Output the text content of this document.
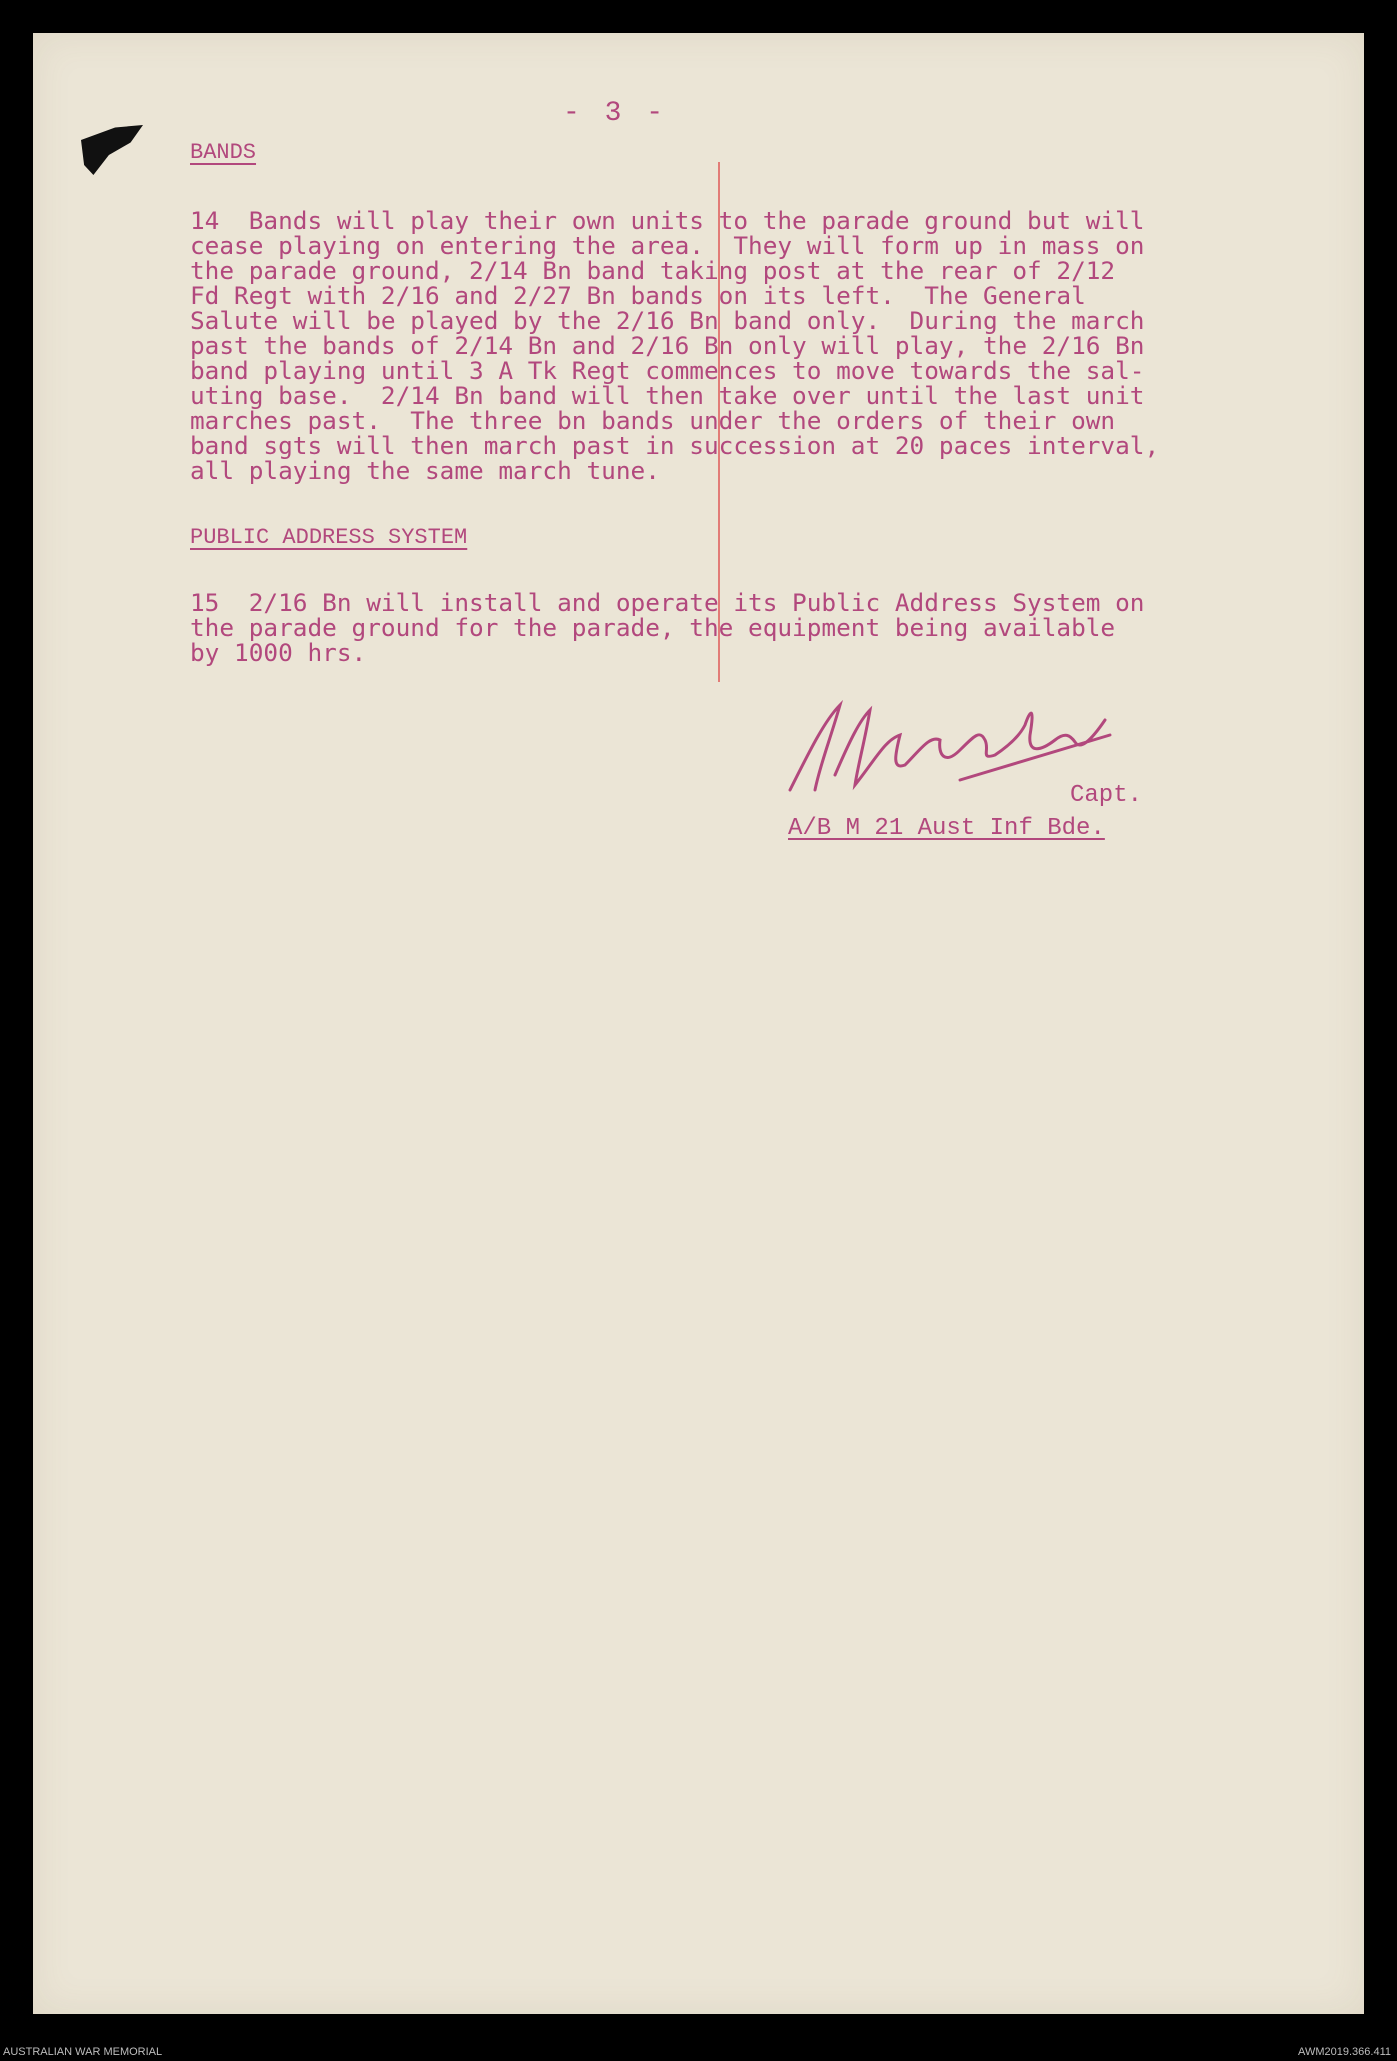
- 3 -
BANDS
14  Bands will play their own units to the parade ground but will
cease playing on entering the area.  They will form up in mass on
the parade ground, 2/14 Bn band taking post at the rear of 2/12
Fd Regt with 2/16 and 2/27 Bn bands on its left.  The General
Salute will be played by the 2/16 Bn band only.  During the march
past the bands of 2/14 Bn and 2/16 Bn only will play, the 2/16 Bn
band playing until 3 A Tk Regt commences to move towards the sal-
uting base.  2/14 Bn band will then take over until the last unit
marches past.  The three bn bands under the orders of their own
band sgts will then march past in succession at 20 paces interval,
all playing the same march tune.
PUBLIC ADDRESS SYSTEM
15  2/16 Bn will install and operate its Public Address System on
the parade ground for the parade, the equipment being available
by 1000 hrs.
Capt.
A/B M 21 Aust Inf Bde.
AUSTRALIAN WAR MEMORIAL	AWM2019.366.411
